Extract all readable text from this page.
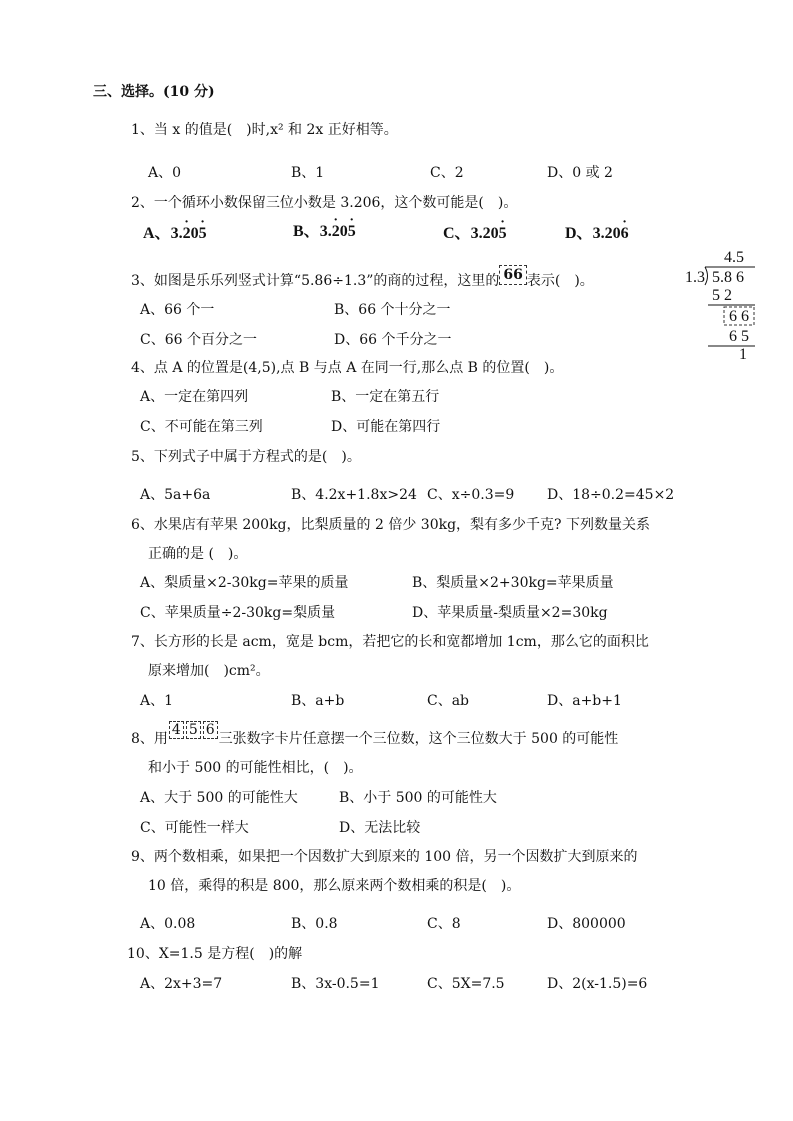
三、选择。(10 分)
1、当 x 的值是(　)时,x² 和 2x 正好相等。
A、0	B、1	C、2	D、0 或 2
2、一个循环小数保留三位小数是 3.206，这个数可能是(　)。
A、3.· 20· 5	B、3.· 20· 5	C、3.20· 5	D、3.20· 6
3、如图是乐乐列竖式计算“5.86÷1.3”的商的过程，这里的 66 表示(　)。
A、66 个一	B、66 个十分之一
C、66 个百分之一	D、66 个千分之一
4.5
1.3 5.8 6
5 2
6 6
6 5
1
4、点 A 的位置是(4,5),点 B 与点 A 在同一行,那么点 B 的位置(　)。
A、一定在第四列	B、一定在第五行
C、不可能在第三列	D、可能在第四行
5、下列式子中属于方程式的是(　)。
A、5a+6a	B、4.2x+1.8x>24 C、x÷0.3=9 D、18÷0.2=45×2
6、水果店有苹果 200kg，比梨质量的 2 倍少 30kg，梨有多少千克? 下列数量关系
正确的是 (　)。
A、梨质量×2-30kg=苹果的质量	B、梨质量×2+30kg=苹果质量
C、苹果质量÷2-30kg=梨质量	D、苹果质量-梨质量×2=30kg
7、长方形的长是 acm，宽是 bcm，若把它的长和宽都增加 1cm，那么它的面积比
原来增加(　)cm²。
A、1	B、a+b	C、ab	D、a+b+1
8、用4 5 6三张数字卡片任意摆一个三位数，这个三位数大于 500 的可能性
和小于 500 的可能性相比，(　)。
A、大于 500 的可能性大	B、小于 500 的可能性大
C、可能性一样大	D、无法比较
9、两个数相乘，如果把一个因数扩大到原来的 100 倍，另一个因数扩大到原来的
10 倍，乘得的积是 800，那么原来两个数相乘的积是(　)。
A、0.08	B、0.8	C、8	D、800000
10、X=1.5 是方程(　)的解
A、2x+3=7	B、3x-0.5=1	C、5X=7.5	D、2(x-1.5)=6
